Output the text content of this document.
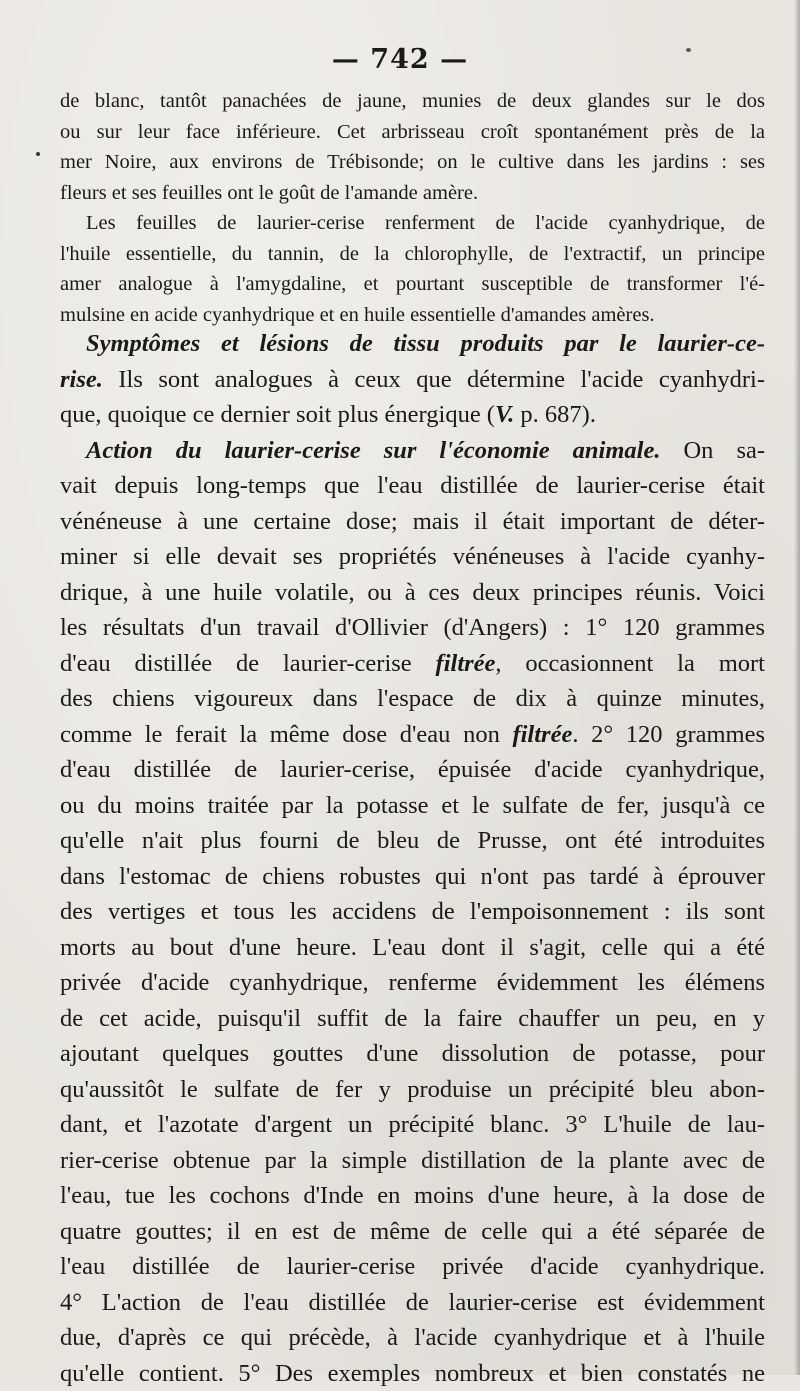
— 742 —

de blanc, tantôt panachées de jaune, munies de deux glandes sur le dos

ou sur leur face inférieure. Cet arbrisseau croît spontanément près de la

mer Noire, aux environs de Trébisonde; on le cultive dans les jardins : ses

fleurs et ses feuilles ont le goût de l'amande amère.

Les feuilles de laurier-cerise renferment de l'acide cyanhydrique, de

l'huile essentielle, du tannin, de la chlorophylle, de l'extractif, un principe

amer analogue à l'amygdaline, et pourtant susceptible de transformer l'é-

mulsine en acide cyanhydrique et en huile essentielle d'amandes amères.

Symptômes et lésions de tissu produits par le laurier-ce-

rise. Ils sont analogues à ceux que détermine l'acide cyanhydri-

que, quoique ce dernier soit plus énergique (V. p. 687).

Action du laurier-cerise sur l'économie animale. On sa-

vait depuis long-temps que l'eau distillée de laurier-cerise était

vénéneuse à une certaine dose; mais il était important de déter-

miner si elle devait ses propriétés vénéneuses à l'acide cyanhy-

drique, à une huile volatile, ou à ces deux principes réunis. Voici

les résultats d'un travail d'Ollivier (d'Angers) : 1° 120 grammes

d'eau distillée de laurier-cerise filtrée, occasionnent la mort

des chiens vigoureux dans l'espace de dix à quinze minutes,

comme le ferait la même dose d'eau non filtrée. 2° 120 grammes

d'eau distillée de laurier-cerise, épuisée d'acide cyanhydrique,

ou du moins traitée par la potasse et le sulfate de fer, jusqu'à ce

qu'elle n'ait plus fourni de bleu de Prusse, ont été introduites

dans l'estomac de chiens robustes qui n'ont pas tardé à éprouver

des vertiges et tous les accidens de l'empoisonnement : ils sont

morts au bout d'une heure. L'eau dont il s'agit, celle qui a été

privée d'acide cyanhydrique, renferme évidemment les élémens

de cet acide, puisqu'il suffit de la faire chauffer un peu, en y

ajoutant quelques gouttes d'une dissolution de potasse, pour

qu'aussitôt le sulfate de fer y produise un précipité bleu abon-

dant, et l'azotate d'argent un précipité blanc. 3° L'huile de lau-

rier-cerise obtenue par la simple distillation de la plante avec de

l'eau, tue les cochons d'Inde en moins d'une heure, à la dose de

quatre gouttes; il en est de même de celle qui a été séparée de

l'eau distillée de laurier-cerise privée d'acide cyanhydrique.

4° L'action de l'eau distillée de laurier-cerise est évidemment

due, d'après ce qui précède, à l'acide cyanhydrique et à l'huile

qu'elle contient. 5° Des exemples nombreux et bien constatés ne
